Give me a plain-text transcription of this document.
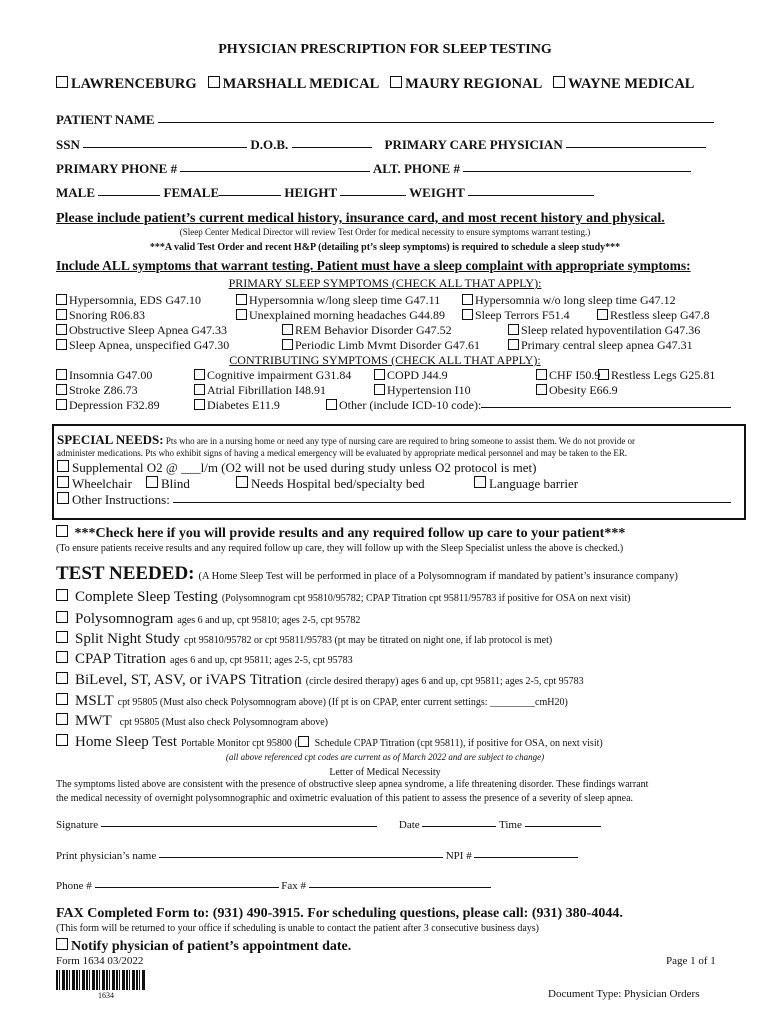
PHYSICIAN PRESCRIPTION FOR SLEEP TESTING
LAWRENCEBURG MARSHALL MEDICAL MAURY REGIONAL WAYNE MEDICAL
PATIENT NAME
SSN	D.O.B.	PRIMARY CARE PHYSICIAN
PRIMARY PHONE #	ALT. PHONE #
MALE	FEMALE	HEIGHT	WEIGHT
Please include patient’s current medical history, insurance card, and most recent history and physical.
(Sleep Center Medical Director will review Test Order for medical necessity to ensure symptoms warrant testing.)
***A valid Test Order and recent H&P (detailing pt’s sleep symptoms) is required to schedule a sleep study***
Include ALL symptoms that warrant testing. Patient must have a sleep complaint with appropriate symptoms:
PRIMARY SLEEP SYMPTOMS (CHECK ALL THAT APPLY):
Hypersomnia, EDS G47.10	Hypersomnia w/long sleep time G47.11	Hypersomnia w/o long sleep time G47.12
Snoring R06.83	Unexplained morning headaches G44.89	Sleep Terrors F51.4	Restless sleep G47.8
Obstructive Sleep Apnea G47.33	REM Behavior Disorder G47.52	Sleep related hypoventilation G47.36
Sleep Apnea, unspecified G47.30	Periodic Limb Mvmt Disorder G47.61	Primary central sleep apnea G47.31
CONTRIBUTING SYMPTOMS (CHECK ALL THAT APPLY):
Insomnia G47.00	Cognitive impairment G31.84	COPD J44.9	CHF I50.9 Restless Legs G25.81
Stroke Z86.73	Atrial Fibrillation I48.91	Hypertension I10	Obesity E66.9
Depression F32.89	Diabetes E11.9	Other (include ICD-10 code):
SPECIAL NEEDS: Pts who are in a nursing home or need any type of nursing care are required to bring someone to assist them. We do not provide or
administer medications. Pts who exhibit signs of having a medical emergency will be evaluated by appropriate medical personnel and may be taken to the ER.
Supplemental O2 @ ___l/m (O2 will not be used during study unless O2 protocol is met)
Wheelchair	Blind	Needs Hospital bed/specialty bed	Language barrier
Other Instructions:
***Check here if you will provide results and any required follow up care to your patient***
(To ensure patients receive results and any required follow up care, they will follow up with the Sleep Specialist unless the above is checked.)
TEST NEEDED: (A Home Sleep Test will be performed in place of a Polysomnogram if mandated by patient’s insurance company)
Complete Sleep Testing (Polysomnogram cpt 95810/95782; CPAP Titration cpt 95811/95783 if positive for OSA on next visit)
Polysomnogram ages 6 and up, cpt 95810; ages 2-5, cpt 95782
Split Night Study cpt 95810/95782 or cpt 95811/95783 (pt may be titrated on night one, if lab protocol is met)
CPAP Titration ages 6 and up, cpt 95811; ages 2-5, cpt 95783
BiLevel, ST, ASV, or iVAPS Titration (circle desired therapy) ages 6 and up, cpt 95811; ages 2-5, cpt 95783
MSLT cpt 95805 (Must also check Polysomnogram above) (If pt is on CPAP, enter current settings: _________cmH20)
MWT cpt 95805 (Must also check Polysomnogram above)
Home Sleep Test Portable Monitor cpt 95800 ( Schedule CPAP Titration (cpt 95811), if positive for OSA, on next visit)
(all above referenced cpt codes are current as of March 2022 and are subject to change)
Letter of Medical Necessity
The symptoms listed above are consistent with the presence of obstructive sleep apnea syndrome, a life threatening disorder. These findings warrant
the medical necessity of overnight polysomnographic and oximetric evaluation of this patient to assess the presence of a severity of sleep apnea.
Signature	Date	Time
Print physician’s name	NPI #
Phone #	Fax #
FAX Completed Form to: (931) 490-3915. For scheduling questions, please call: (931) 380-4044.
(This form will be returned to your office if scheduling is unable to contact the patient after 3 consecutive business days)
Notify physician of patient’s appointment date.
Form 1634 03/2022	Page 1 of 1
1634	Document Type: Physician Orders
